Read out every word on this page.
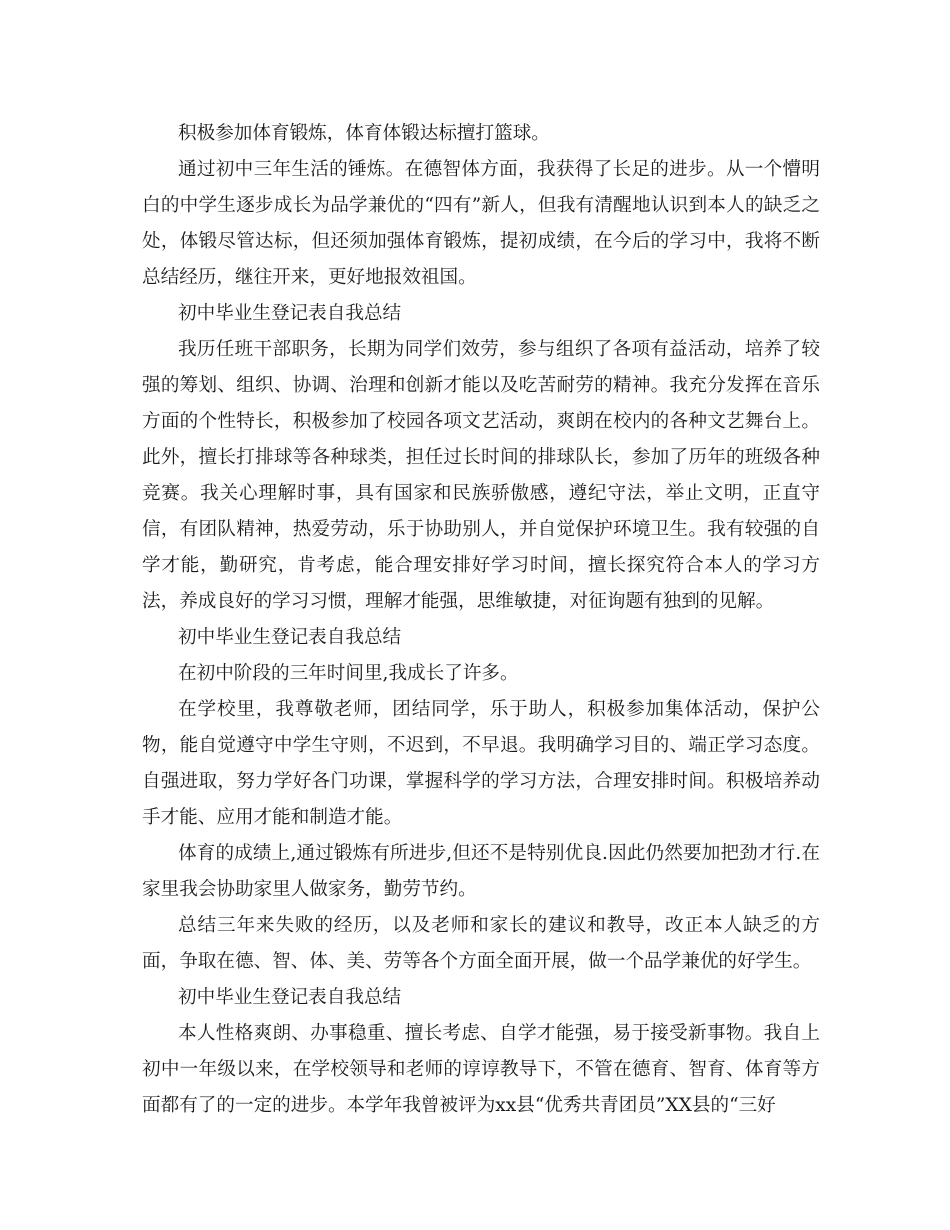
积极参加体育锻炼，体育体锻达标擅打篮球。

通过初中三年生活的锤炼。在德智体方面，我获得了长足的进步。从一个懵明白的中学生逐步成长为品学兼优的“四有”新人，但我有清醒地认识到本人的缺乏之处，体锻尽管达标，但还须加强体育锻炼，提初成绩，在今后的学习中，我将不断总结经历，继往开来，更好地报效祖国。

初中毕业生登记表自我总结

我历任班干部职务，长期为同学们效劳，参与组织了各项有益活动，培养了较强的筹划、组织、协调、治理和创新才能以及吃苦耐劳的精神。我充分发挥在音乐方面的个性特长，积极参加了校园各项文艺活动，爽朗在校内的各种文艺舞台上。此外，擅长打排球等各种球类，担任过长时间的排球队长，参加了历年的班级各种竞赛。我关心理解时事，具有国家和民族骄傲感，遵纪守法，举止文明，正直守信，有团队精神，热爱劳动，乐于协助别人，并自觉保护环境卫生。我有较强的自学才能，勤研究，肯考虑，能合理安排好学习时间，擅长探究符合本人的学习方法，养成良好的学习习惯，理解才能强，思维敏捷，对征询题有独到的见解。

初中毕业生登记表自我总结

在初中阶段的三年时间里,我成长了许多。

在学校里，我尊敬老师，团结同学，乐于助人，积极参加集体活动，保护公物，能自觉遵守中学生守则，不迟到，不早退。我明确学习目的、端正学习态度。自强进取，努力学好各门功课，掌握科学的学习方法，合理安排时间。积极培养动手才能、应用才能和制造才能。

体育的成绩上,通过锻炼有所进步,但还不是特别优良.因此仍然要加把劲才行.在家里我会协助家里人做家务，勤劳节约。

总结三年来失败的经历，以及老师和家长的建议和教导，改正本人缺乏的方面，争取在德、智、体、美、劳等各个方面全面开展，做一个品学兼优的好学生。

初中毕业生登记表自我总结

本人性格爽朗、办事稳重、擅长考虑、自学才能强，易于接受新事物。我自上初中一年级以来，在学校领导和老师的谆谆教导下，不管在德育、智育、体育等方面都有了的一定的进步。本学年我曾被评为xx县“优秀共青团员”XX县的“三好
